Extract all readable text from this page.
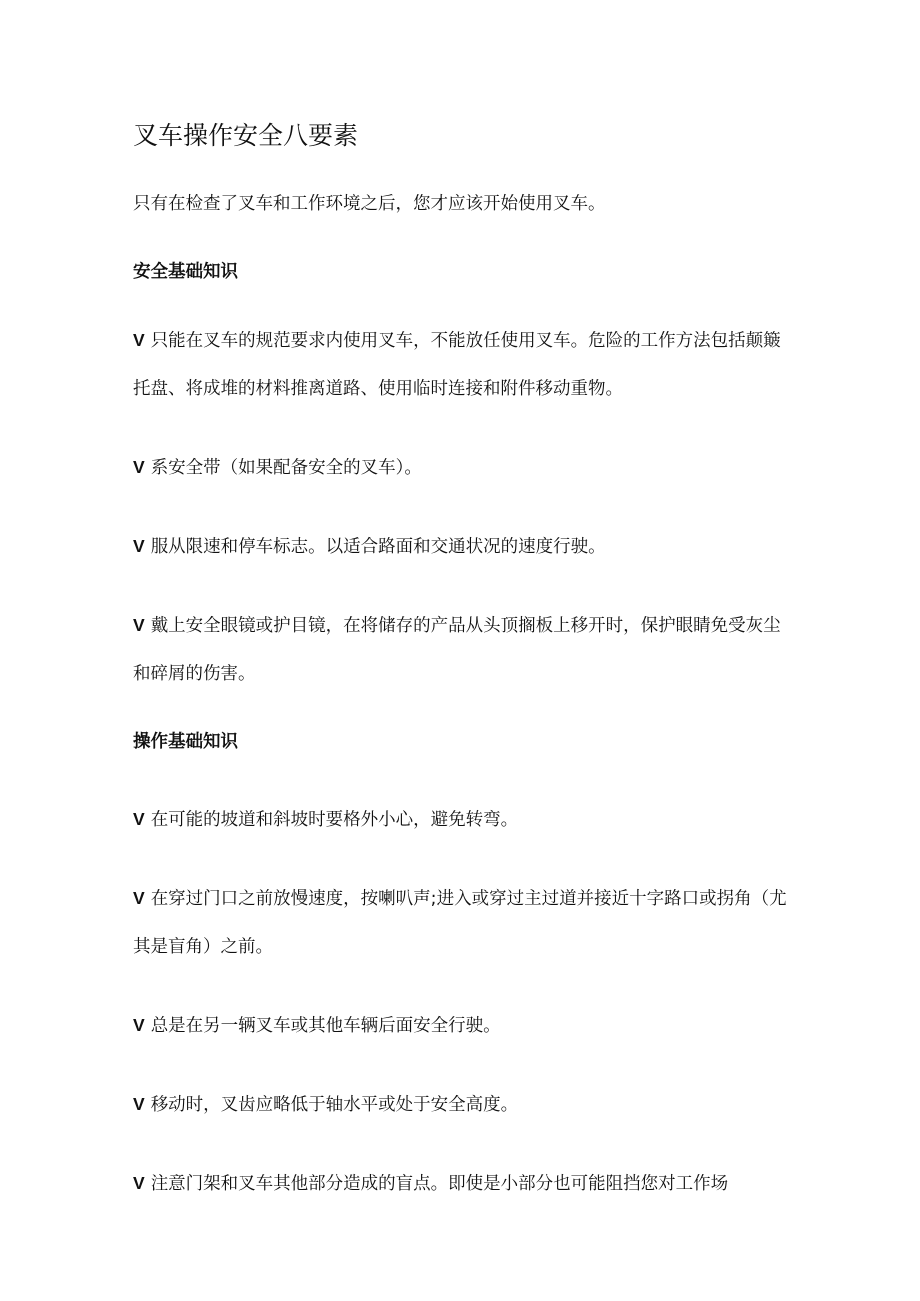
叉车操作安全八要素

只有在检查了叉车和工作环境之后，您才应该开始使用叉车。

安全基础知识

V 只能在叉车的规范要求内使用叉车，不能放任使用叉车。危险的工作方法包括颠簸托盘、将成堆的材料推离道路、使用临时连接和附件移动重物。

V 系安全带（如果配备安全的叉车）。

V 服从限速和停车标志。以适合路面和交通状况的速度行驶。

V 戴上安全眼镜或护目镜，在将储存的产品从头顶搁板上移开时，保护眼睛免受灰尘和碎屑的伤害。

操作基础知识

V 在可能的坡道和斜坡时要格外小心，避免转弯。

V 在穿过门口之前放慢速度，按喇叭声;进入或穿过主过道并接近十字路口或拐角（尤其是盲角）之前。

V 总是在另一辆叉车或其他车辆后面安全行驶。

V 移动时，叉齿应略低于轴水平或处于安全高度。

V 注意门架和叉车其他部分造成的盲点。即使是小部分也可能阻挡您对工作场
